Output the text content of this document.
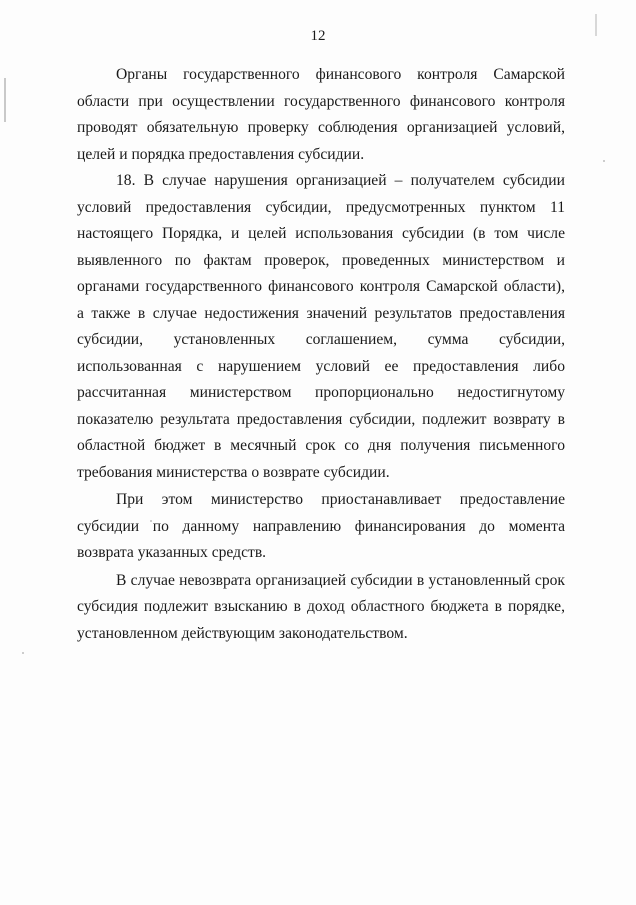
12

Органы государственного финансового контроля Самарской области при осуществлении государственного финансового контроля проводят обязательную проверку соблюдения организацией условий, целей и порядка предоставления субсидии.

18. В случае нарушения организацией – получателем субсидии условий предоставления субсидии, предусмотренных пунктом 11 настоящего Порядка, и целей использования субсидии (в том числе выявленного по фактам проверок, проведенных министерством и органами государственного финансового контроля Самарской области), а также в случае недостижения значений результатов предоставления субсидии, установленных соглашением, сумма субсидии, использованная с нарушением условий ее предоставления либо рассчитанная министерством пропорционально недостигнутому показателю результата предоставления субсидии, подлежит возврату в областной бюджет в месячный срок со дня получения письменного требования министерства о возврате субсидии.

При этом министерство приостанавливает предоставление субсидии по данному направлению финансирования до момента возврата указанных средств.

В случае невозврата организацией субсидии в установленный срок субсидия подлежит взысканию в доход областного бюджета в порядке, установленном действующим законодательством.
